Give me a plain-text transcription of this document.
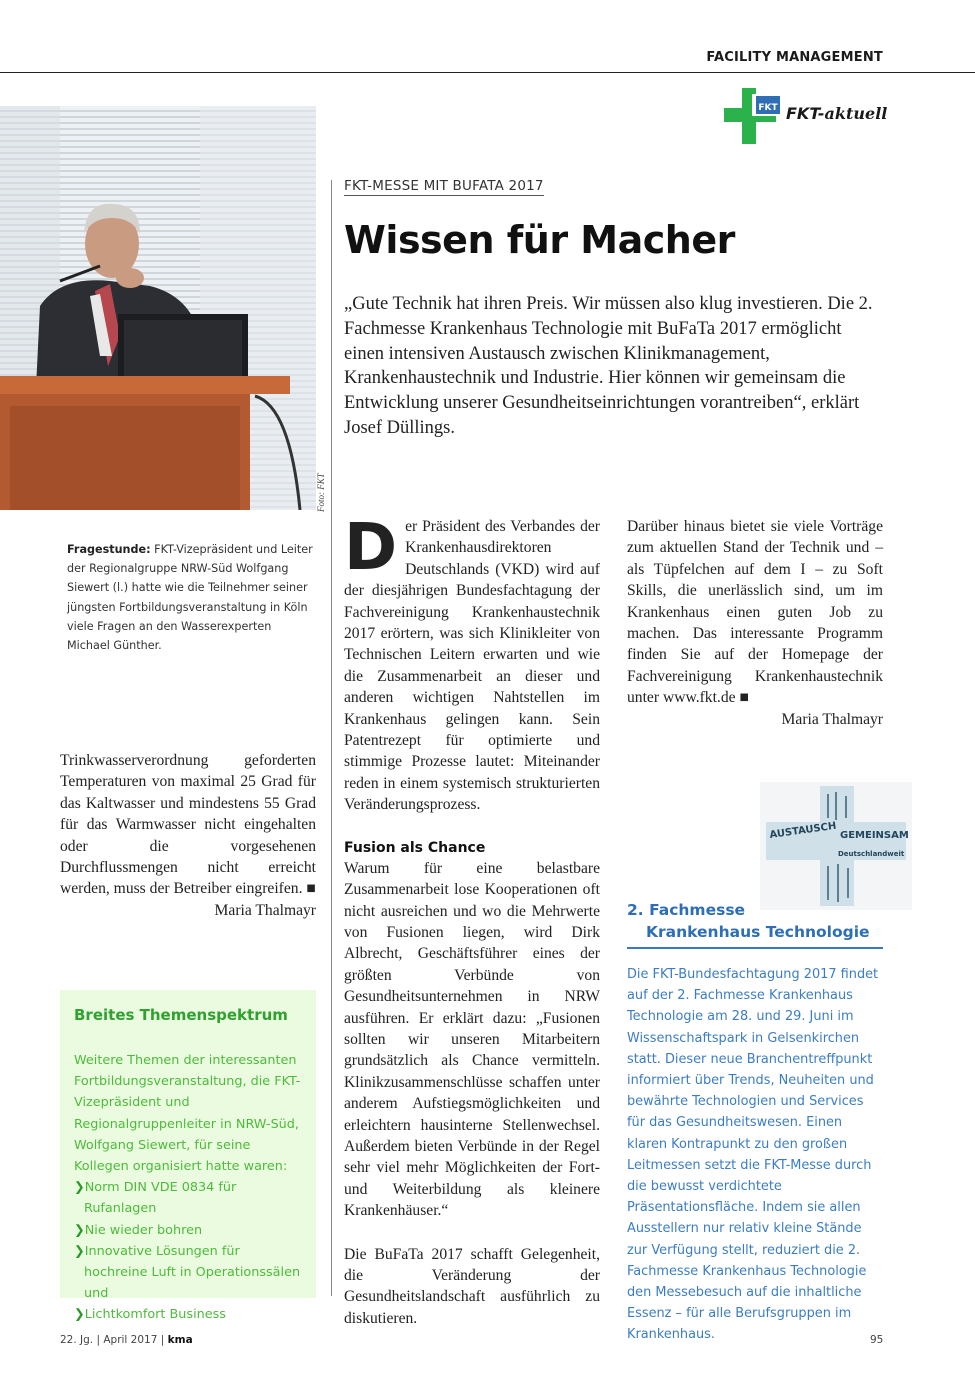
FACILITY MANAGEMENT
FKT FKT-aktuell
Foto: FKT
FKT-MESSE MIT BUFATA 2017
Wissen für Macher
„Gute Technik hat ihren Preis. Wir müssen also klug investieren. Die 2. Fachmesse Krankenhaus Technologie mit BuFaTa 2017 ermöglicht einen intensiven Austausch zwischen Klinikmanagement, Krankenhaustechnik und Industrie. Hier können wir gemeinsam die Entwicklung unserer Gesundheitseinrichtungen vorantreiben“, erklärt Josef Düllings.
Fragestunde: FKT-Vizepräsident und Leiter der Regionalgruppe NRW-Süd Wolfgang Siewert (l.) hatte wie die Teilnehmer seiner jüngsten Fortbildungsveranstaltung in Köln viele Fragen an den Wasserexperten Michael Günther.

Trinkwasserverordnung geforderten Temperaturen von maximal 25 Grad für das Kaltwasser und mindestens 55 Grad für das Warmwasser nicht eingehalten oder die vorgesehenen Durchflussmengen nicht erreicht werden, muss der Betreiber eingreifen. ■

Maria Thalmayr
Breites Themenspektrum
Weitere Themen der interessanten Fortbildungsveranstaltung, die FKT-Vizepräsident und Regionalgruppenleiter in NRW-Süd, Wolfgang Siewert, für seine Kollegen organisiert hatte waren:
❯Norm DIN VDE 0834 für Rufanlagen
❯Nie wieder bohren
❯Innovative Lösungen für hochreine Luft in Operationssälen und
❯Lichtkomfort Business

Der Präsident des Verbandes der Krankenhausdirektoren Deutschlands (VKD) wird auf der diesjährigen Bundesfachtagung der Fachvereinigung Krankenhaustechnik 2017 erörtern, was sich Klinikleiter von Technischen Leitern erwarten und wie die Zusammenarbeit an dieser und anderen wichtigen Nahtstellen im Krankenhaus gelingen kann. Sein Patentrezept für optimierte und stimmige Prozesse lautet: Miteinander reden in einem systemisch strukturierten Veränderungsprozess.

Fusion als Chance

Warum für eine belastbare Zusammenarbeit lose Kooperationen oft nicht ausreichen und wo die Mehrwerte von Fusionen liegen, wird Dirk Albrecht, Geschäftsführer eines der größten Verbünde von Gesundheitsunternehmen in NRW ausführen. Er erklärt dazu: „Fusionen sollten wir unseren Mitarbeitern grundsätzlich als Chance vermitteln. Klinikzusammenschlüsse schaffen unter anderem Aufstiegsmöglichkeiten und erleichtern hausinterne Stellenwechsel. Außerdem bieten Verbünde in der Regel sehr viel mehr Möglichkeiten der Fort- und Weiterbildung als kleinere Krankenhäuser.“

Die BuFaTa 2017 schafft Gelegenheit, die Veränderung der Gesundheitslandschaft ausführlich zu diskutieren.

Darüber hinaus bietet sie viele Vorträge zum aktuellen Stand der Technik und – als Tüpfelchen auf dem I – zu Soft Skills, die unerlässlich sind, um im Krankenhaus einen guten Job zu machen. Das interessante Programm finden Sie auf der Homepage der Fachvereinigung Krankenhaustechnik unter www.fkt.de ■

Maria Thalmayr
AUSTAUSCH GEMEINSAM
Deutschlandweit
2. Fachmesse
Krankenhaus Technologie
Die FKT-Bundesfachtagung 2017 findet auf der 2. Fachmesse Krankenhaus Technologie am 28. und 29. Juni im Wissenschaftspark in Gelsenkirchen statt. Dieser neue Branchentreffpunkt informiert über Trends, Neuheiten und bewährte Technologien und Services für das Gesundheitswesen. Einen klaren Kontrapunkt zu den großen Leitmessen setzt die FKT-Messe durch die bewusst verdichtete Präsentationsfläche. Indem sie allen Ausstellern nur relativ kleine Stände zur Verfügung stellt, reduziert die 2. Fachmesse Krankenhaus Technologie den Messebesuch auf die inhaltliche Essenz – für alle Berufsgruppen im Krankenhaus.
22. Jg. | April 2017 | kma	95
